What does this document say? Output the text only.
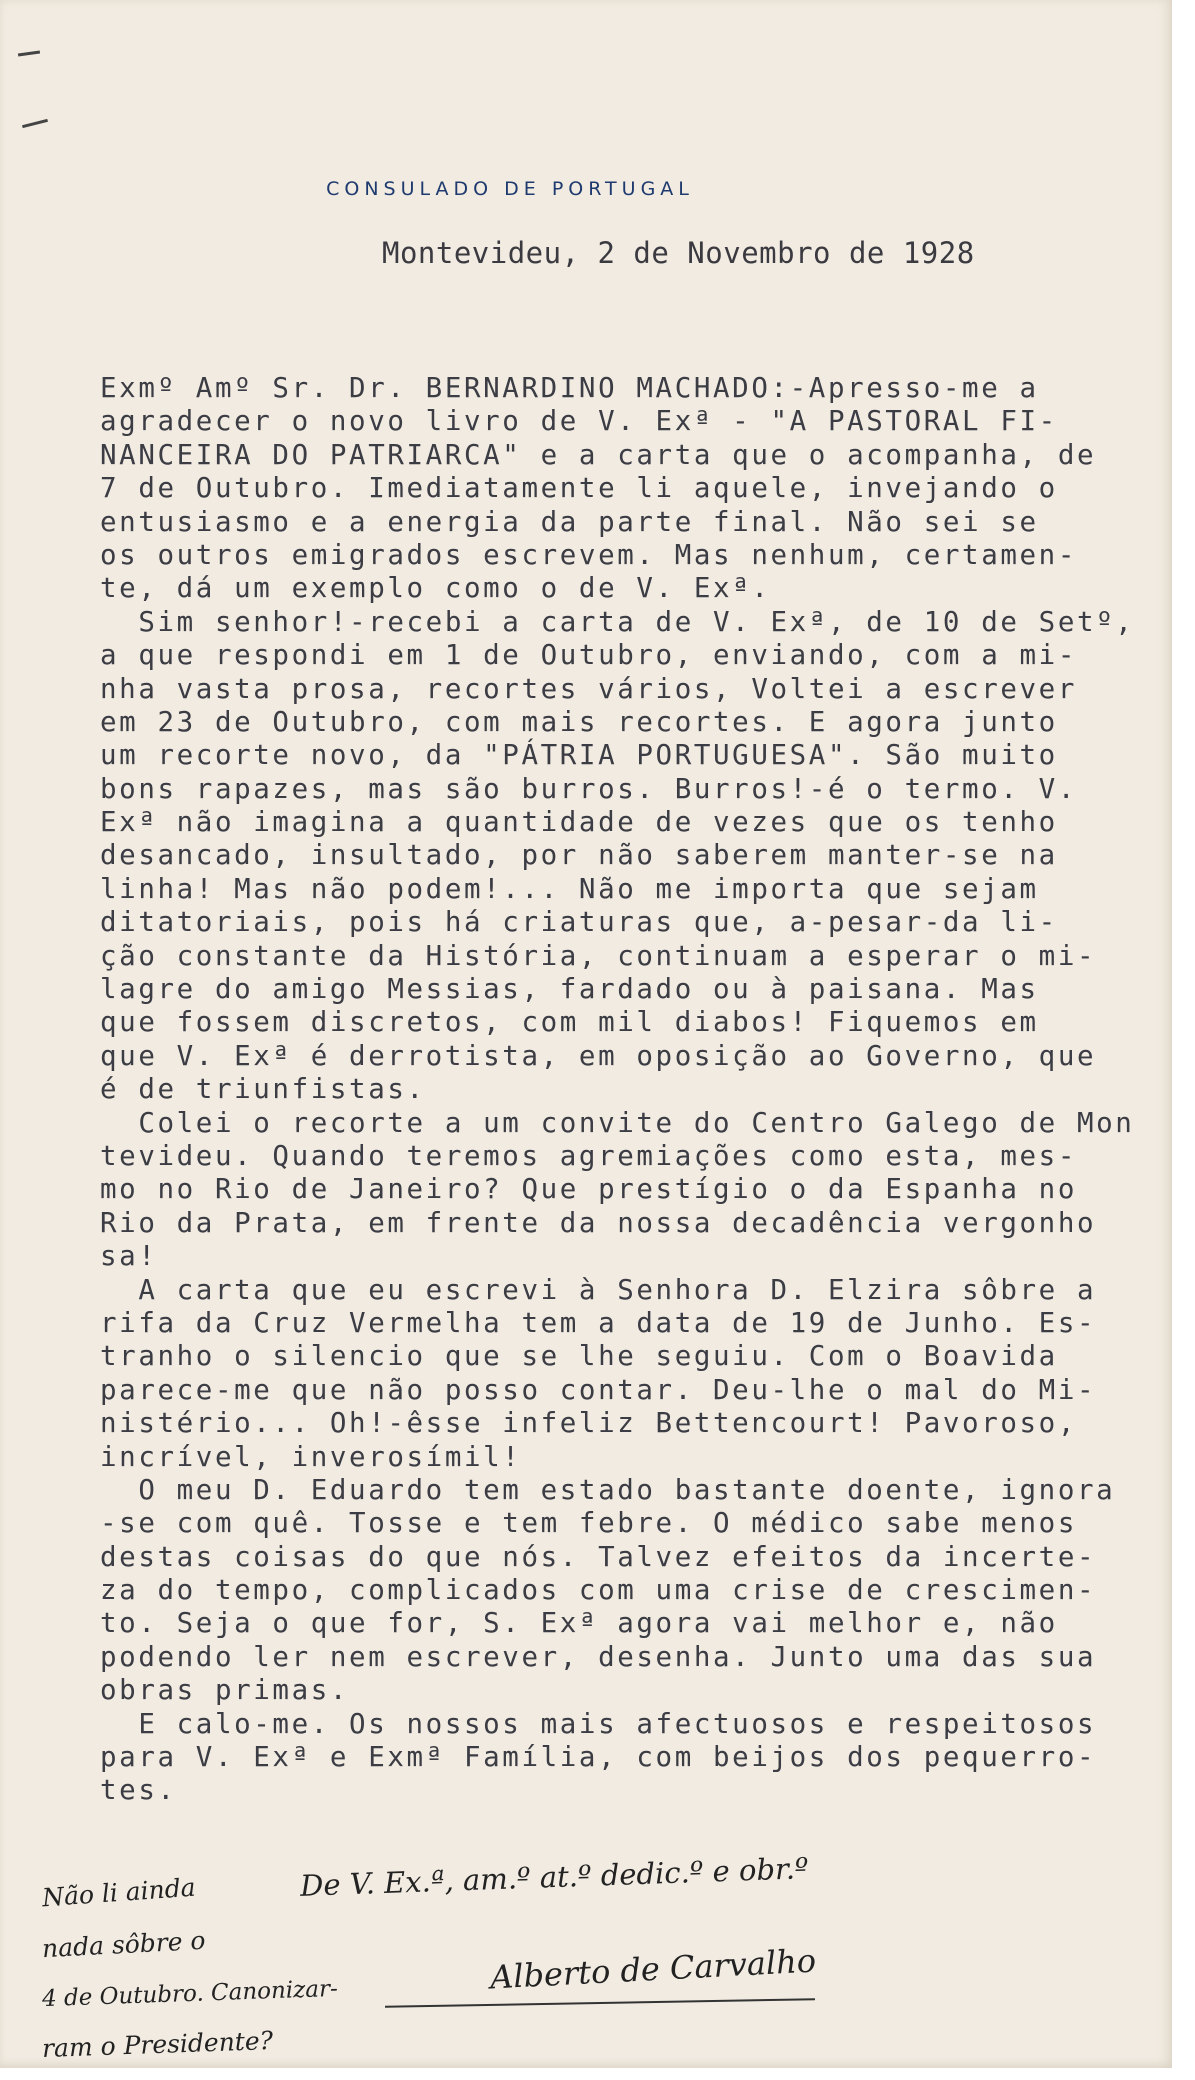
CONSULADO DE PORTUGAL
Montevideu, 2 de Novembro de 1928
Exmº Amº Sr. Dr. BERNARDINO MACHADO:-Apresso-me a
agradecer o novo livro de V. Exª - "A PASTORAL FI-
NANCEIRA DO PATRIARCA" e a carta que o acompanha, de
7 de Outubro. Imediatamente li aquele, invejando o
entusiasmo e a energia da parte final. Não sei se
os outros emigrados escrevem. Mas nenhum, certamen-
te, dá um exemplo como o de V. Exª.
Sim senhor!-recebi a carta de V. Exª, de 10 de Setº,
a que respondi em 1 de Outubro, enviando, com a mi-
nha vasta prosa, recortes vários, Voltei a escrever
em 23 de Outubro, com mais recortes. E agora junto
um recorte novo, da "PÁTRIA PORTUGUESA". São muito
bons rapazes, mas são burros. Burros!-é o termo. V.
Exª não imagina a quantidade de vezes que os tenho
desancado, insultado, por não saberem manter-se na
linha! Mas não podem!... Não me importa que sejam
ditatoriais, pois há criaturas que, a-pesar-da li-
ção constante da História, continuam a esperar o mi-
lagre do amigo Messias, fardado ou à paisana. Mas
que fossem discretos, com mil diabos! Fiquemos em
que V. Exª é derrotista, em oposição ao Governo, que
é de triunfistas.
Colei o recorte a um convite do Centro Galego de Mon
tevideu. Quando teremos agremiações como esta, mes-
mo no Rio de Janeiro? Que prestígio o da Espanha no
Rio da Prata, em frente da nossa decadência vergonho
sa!
A carta que eu escrevi à Senhora D. Elzira sôbre a
rifa da Cruz Vermelha tem a data de 19 de Junho. Es-
tranho o silencio que se lhe seguiu. Com o Boavida
parece-me que não posso contar. Deu-lhe o mal do Mi-
nistério... Oh!-êsse infeliz Bettencourt! Pavoroso,
incrível, inverosímil!
O meu D. Eduardo tem estado bastante doente, ignora
-se com quê. Tosse e tem febre. O médico sabe menos
destas coisas do que nós. Talvez efeitos da incerte-
za do tempo, complicados com uma crise de crescimen-
to. Seja o que for, S. Exª agora vai melhor e, não
podendo ler nem escrever, desenha. Junto uma das sua
obras primas.
E calo-me. Os nossos mais afectuosos e respeitosos
para V. Exª e Exmª Família, com beijos dos pequerro-
tes.
De V. Ex.ª, am.º at.º dedic.º e obr.º
Alberto de Carvalho
Não li ainda
nada sôbre o
4 de Outubro. Canonizar-
ram o Presidente?
